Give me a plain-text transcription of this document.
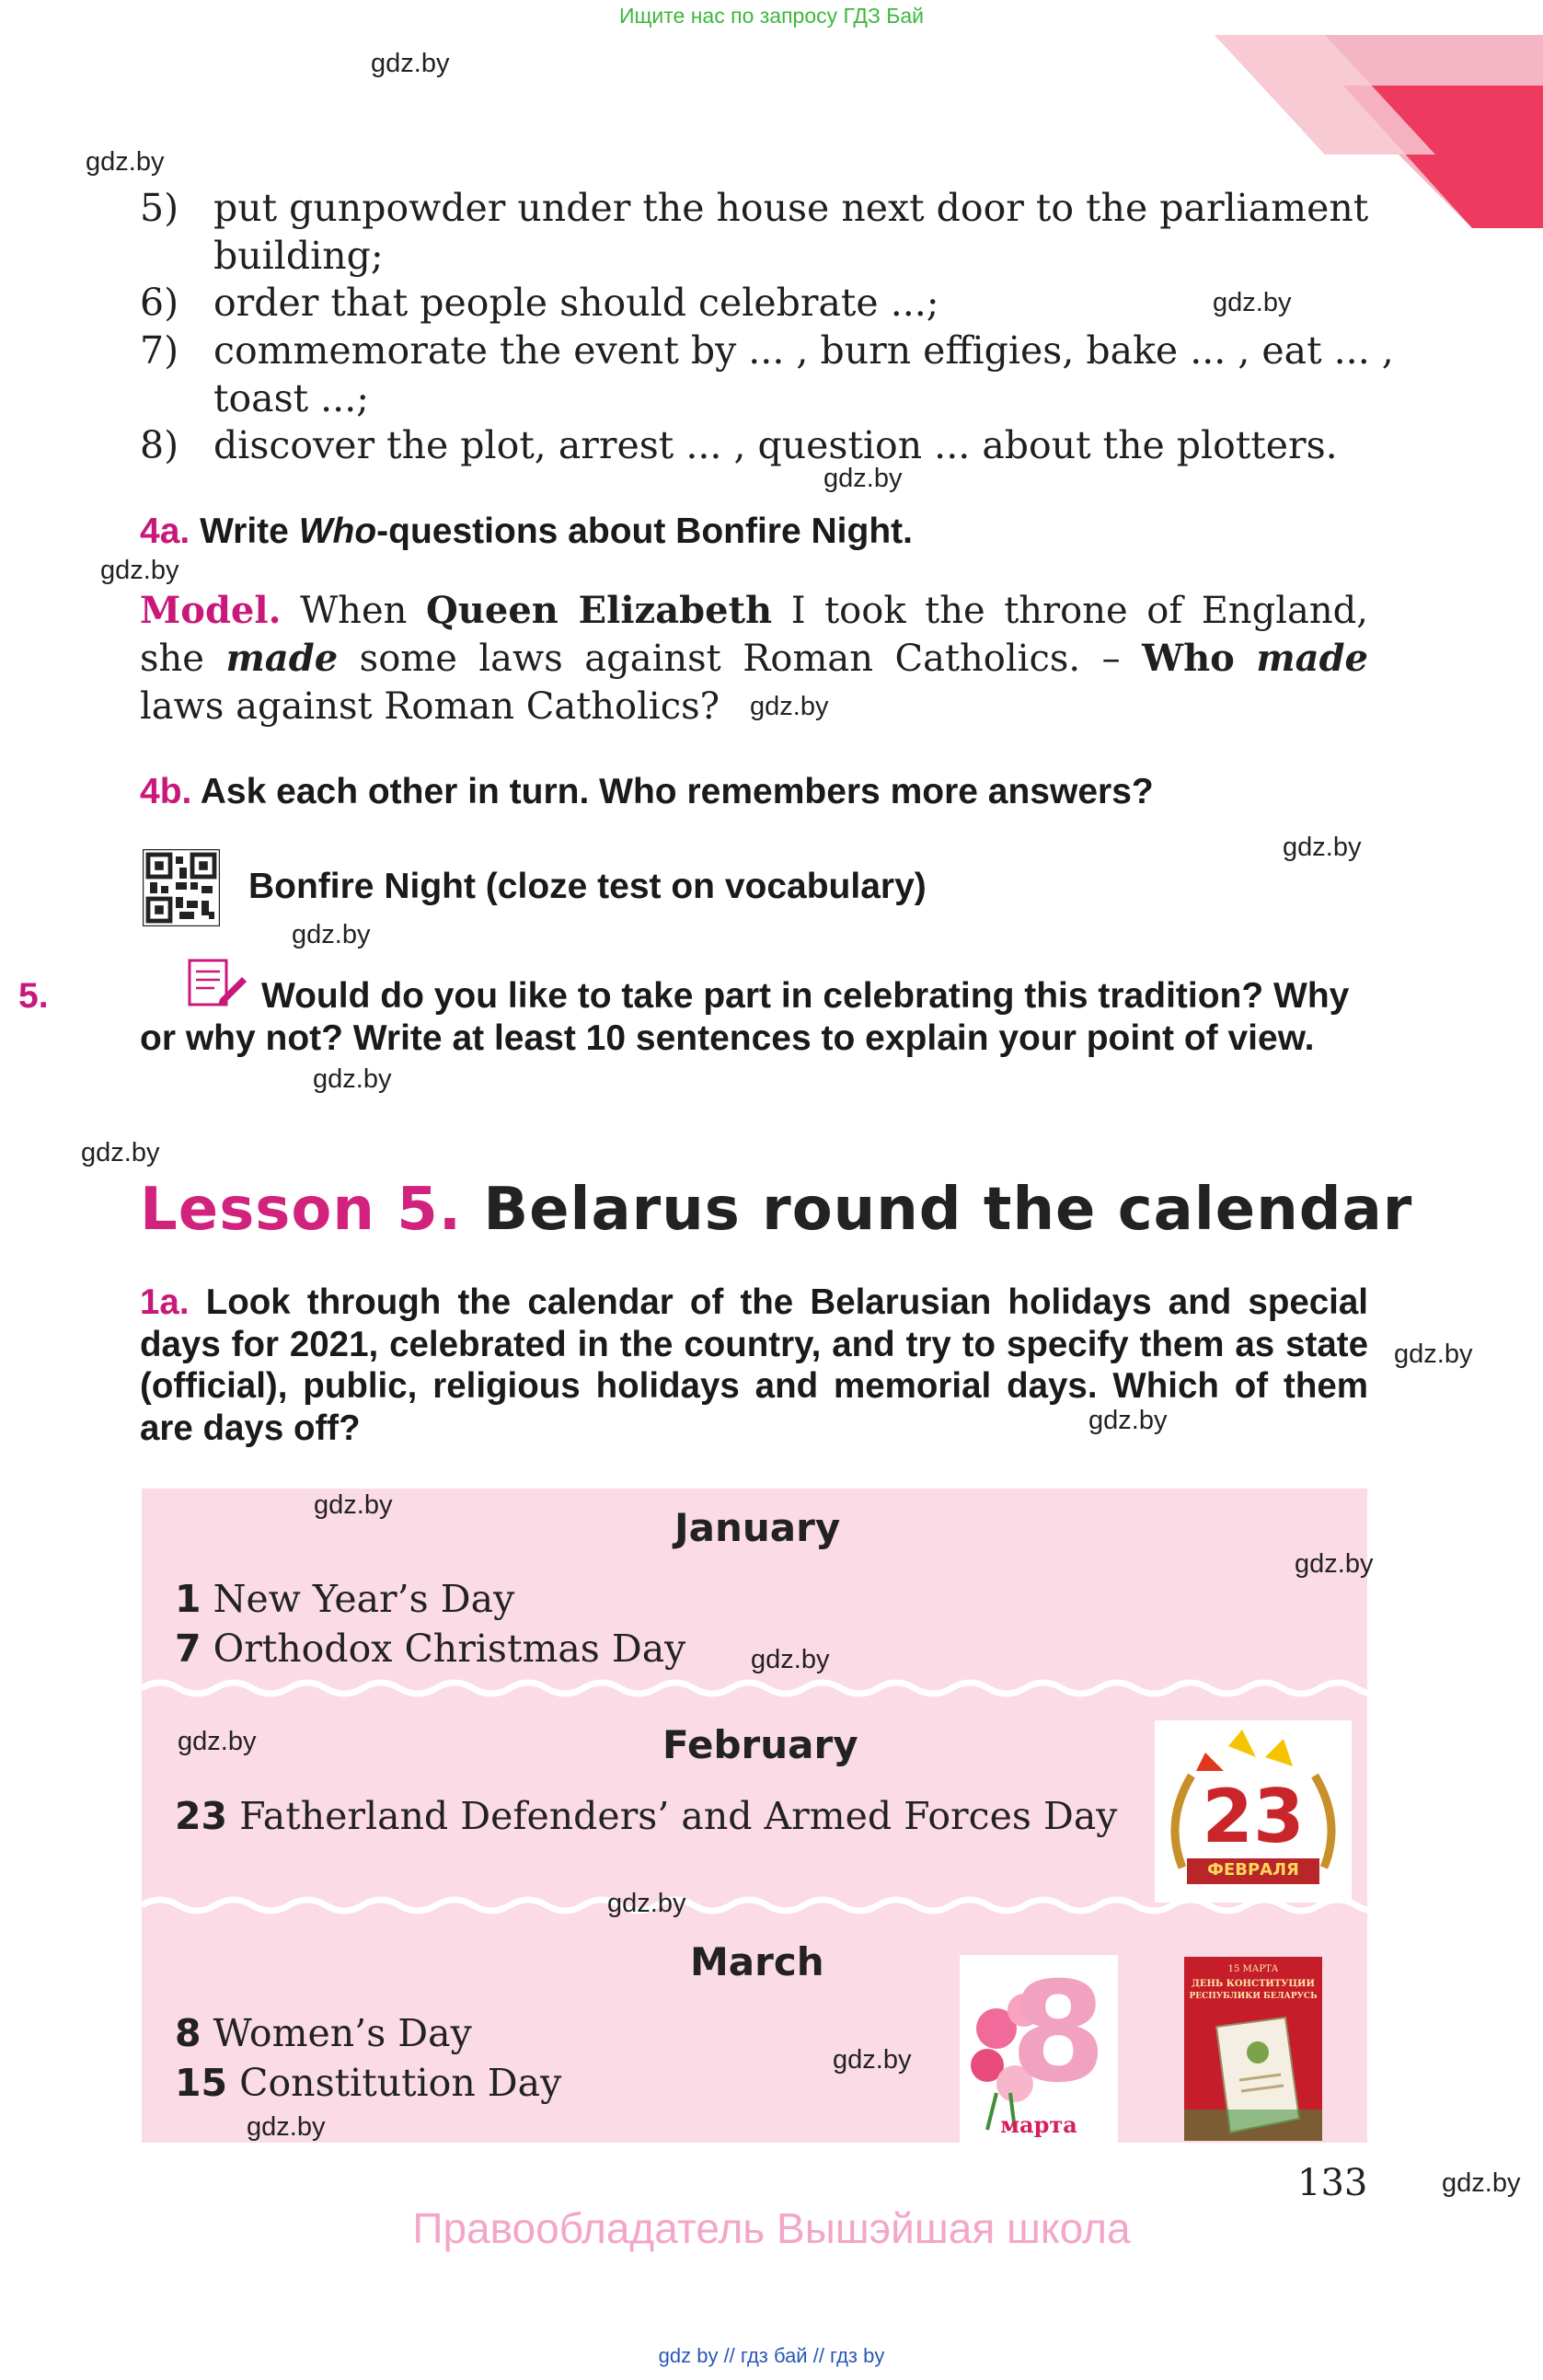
Ищите нас по запросу ГДЗ Бай
gdz.by
gdz.by
gdz.by
gdz.by
gdz.by
gdz.by
gdz.by
gdz.by
gdz.by
gdz.by
gdz.by
gdz.by
5) put gunpowder under the house next door to the parliament
building;
6) order that people should celebrate ...;
7) commemorate the event by ... , burn effigies, bake ... , eat ... ,
toast ...;
8) discover the plot, arrest ... , question ... about the plotters.
4a. Write Who-questions about Bonfire Night.
Model. When Queen Elizabeth I took the throne of England, she made some laws against Roman Catholics. – Who made laws against Roman Catholics?
4b. Ask each other in turn. Who remembers more answers?
Bonfire Night (cloze test on vocabulary)
5.	Would do you like to take part in celebrating this tradition? Why or why not? Write at least 10 sentences to explain your point of view.
Lesson 5. Belarus round the calendar
1a. Look through the calendar of the Belarusian holidays and special days for 2021, celebrated in the country, and try to specify them as state (official), public, religious holidays and memorial days. Which of them are days off?
January
1 New Year’s Day
7 Orthodox Christmas Day
gdz.by
gdz.by
gdz.by
February
23 Fatherland Defenders’ and Armed Forces Day
gdz.by
23
ФЕВРАЛЯ
March
8 Women’s Day
15 Constitution Day
gdz.by
gdz.by
gdz.by
8
марта
15 МАРТА
ДЕНЬ КОНСТИТУЦИИ
РЕСПУБЛИКИ БЕЛАРУСЬ
133	gdz.by
Правообладатель Вышэйшая школа
gdz by // гдз бай // гдз by
